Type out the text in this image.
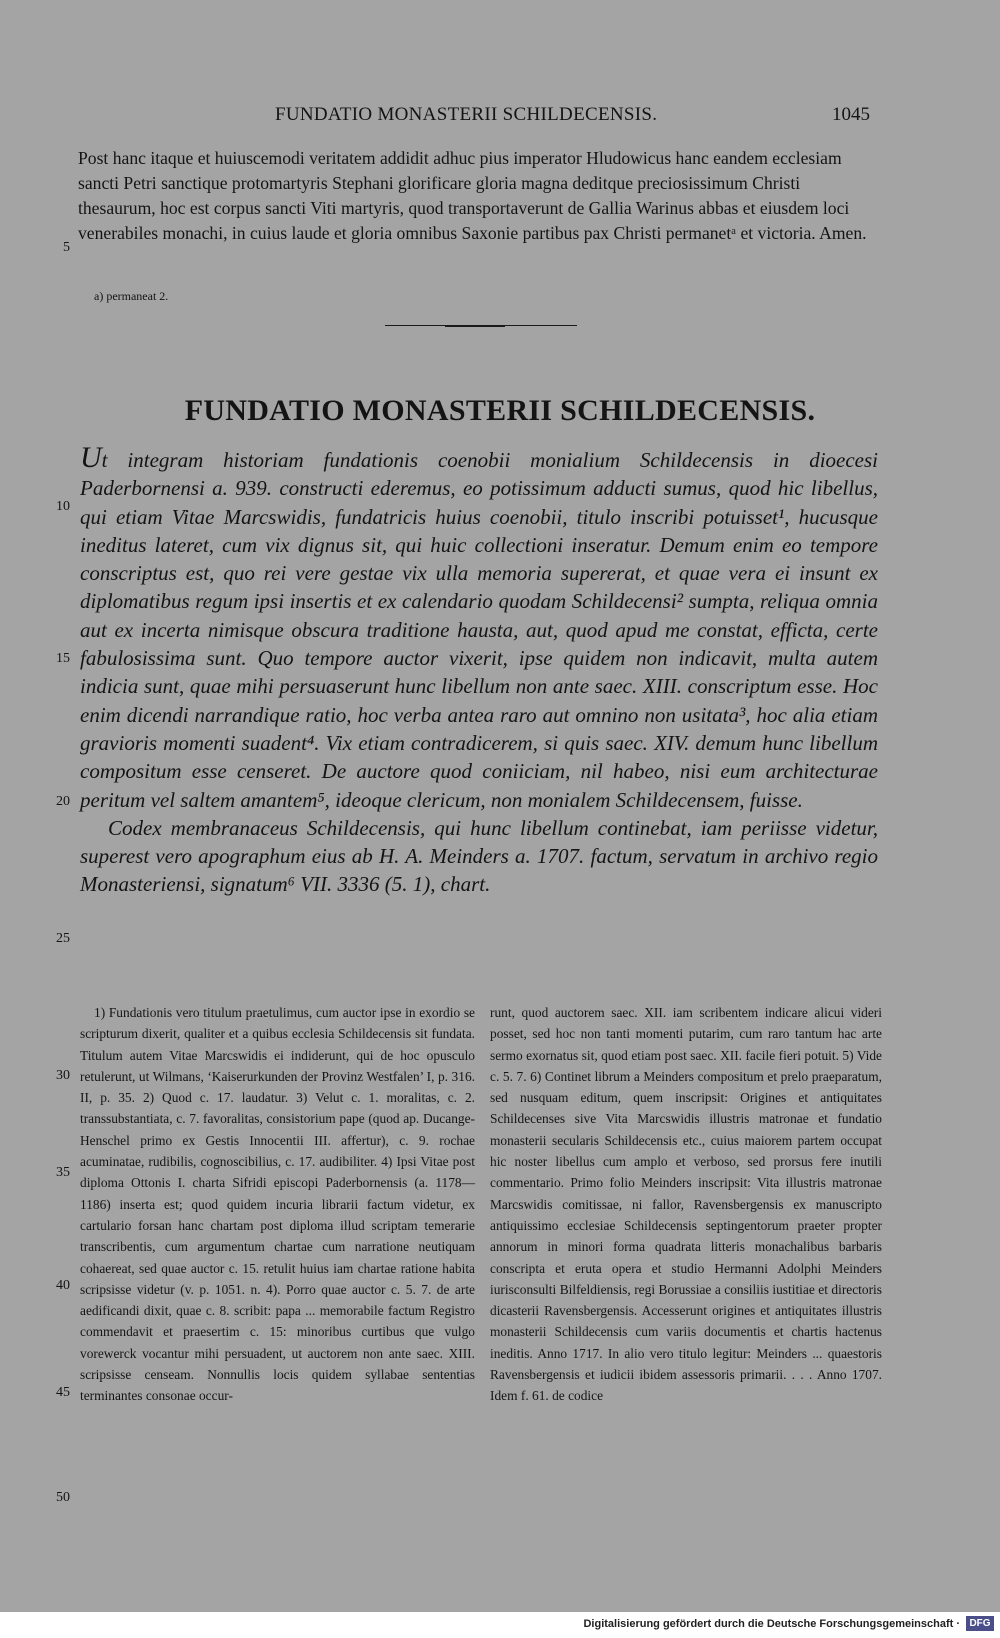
FUNDATIO MONASTERII SCHILDECENSIS.	1045

Post hanc itaque et huiuscemodi veritatem addidit adhuc pius imperator Hludowicus hanc eandem ecclesiam sancti Petri sanctique protomartyris Stephani glorificare gloria magna deditque preciosissimum Christi thesaurum, hoc est corpus sancti Viti martyris, quod transportaverunt de Gallia Warinus abbas et eiusdem loci venerabiles monachi, in cuius laude et gloria omnibus Saxonie partibus pax Christi permanetᵃ et victoria. Amen.

5
a) permaneat 2.
FUNDATIO MONASTERII SCHILDECENSIS.

Ut integram historiam fundationis coenobii monialium Schildecensis in dioecesi Paderbornensi a. 939. constructi ederemus, eo potissimum adducti sumus, quod hic libellus, qui etiam Vitae Marcswidis, fundatricis huius coenobii, titulo inscribi potuisset¹, hucusque ineditus lateret, cum vix dignus sit, qui huic collectioni inseratur. Demum enim eo tempore conscriptus est, quo rei vere gestae vix ulla memoria supererat, et quae vera ei insunt ex diplomatibus regum ipsi insertis et ex calendario quodam Schildecensi² sumpta, reliqua omnia aut ex incerta nimisque obscura traditione hausta, aut, quod apud me constat, efficta, certe fabulosissima sunt. Quo tempore auctor vixerit, ipse quidem non indicavit, multa autem indicia sunt, quae mihi persuaserunt hunc libellum non ante saec. XIII. conscriptum esse. Hoc enim dicendi narrandique ratio, hoc verba antea raro aut omnino non usitata³, hoc alia etiam gravioris momenti suadent⁴. Vix etiam contradicerem, si quis saec. XIV. demum hunc libellum compositum esse censeret. De auctore quod coniiciam, nil habeo, nisi eum architecturae peritum vel saltem amantem⁵, ideoque clericum, non monialem Schildecensem, fuisse.

Codex membranaceus Schildecensis, qui hunc libellum continebat, iam periisse videtur, superest vero apographum eius ab H. A. Meinders a. 1707. factum, servatum in archivo regio Monasteriensi, signatum⁶ VII. 3336 (5. 1), chart.

10
15
20
25

1) Fundationis vero titulum praetulimus, cum auctor ipse in exordio se scripturum dixerit, qualiter et a quibus ecclesia Schildecensis sit fundata. Titulum autem Vitae Marcswidis ei indiderunt, qui de hoc opusculo retulerunt, ut Wilmans, ‘Kaiserurkunden der Provinz Westfalen’ I, p. 316. II, p. 35. 2) Quod c. 17. laudatur. 3) Velut c. 1. moralitas, c. 2. transsubstantiata, c. 7. favoralitas, consistorium pape (quod ap. Ducange-Henschel primo ex Gestis Innocentii III. affertur), c. 9. rochae acuminatae, rudibilis, cognoscibilius, c. 17. audibiliter. 4) Ipsi Vitae post diploma Ottonis I. charta Sifridi episcopi Paderbornensis (a. 1178—1186) inserta est; quod quidem incuria librarii factum videtur, ex cartulario forsan hanc chartam post diploma illud scriptam temerarie transcribentis, cum argumentum chartae cum narratione neutiquam cohaereat, sed quae auctor c. 15. retulit huius iam chartae ratione habita scripsisse videtur (v. p. 1051. n. 4). Porro quae auctor c. 5. 7. de arte aedificandi dixit, quae c. 8. scribit: papa ... memorabile factum Registro commendavit et praesertim c. 15: minoribus curtibus que vulgo vorewerck vocantur mihi persuadent, ut auctorem non ante saec. XIII. scripsisse censeam. Nonnullis locis quidem syllabae sententias terminantes consonae occur-

runt, quod auctorem saec. XII. iam scribentem indicare alicui videri posset, sed hoc non tanti momenti putarim, cum raro tantum hac arte sermo exornatus sit, quod etiam post saec. XII. facile fieri potuit. 5) Vide c. 5. 7. 6) Continet librum a Meinders compositum et prelo praeparatum, sed nusquam editum, quem inscripsit: Origines et antiquitates Schildecenses sive Vita Marcswidis illustris matronae et fundatio monasterii secularis Schildecensis etc., cuius maiorem partem occupat hic noster libellus cum amplo et verboso, sed prorsus fere inutili commentario. Primo folio Meinders inscripsit: Vita illustris matronae Marcswidis comitissae, ni fallor, Ravensbergensis ex manuscripto antiquissimo ecclesiae Schildecensis septingentorum praeter propter annorum in minori forma quadrata litteris monachalibus barbaris conscripta et eruta opera et studio Hermanni Adolphi Meinders iurisconsulti Bilfeldiensis, regi Borussiae a consiliis iustitiae et directoris dicasterii Ravensbergensis. Accesserunt origines et antiquitates illustris monasterii Schildecensis cum variis documentis et chartis hactenus ineditis. Anno 1717. In alio vero titulo legitur: Meinders ... quaestoris Ravensbergensis et iudicii ibidem assessoris primarii. . . . Anno 1707. Idem f. 61. de codice

30
35
40
45
50
Digitalisierung gefördert durch die Deutsche Forschungsgemeinschaft · DFG
